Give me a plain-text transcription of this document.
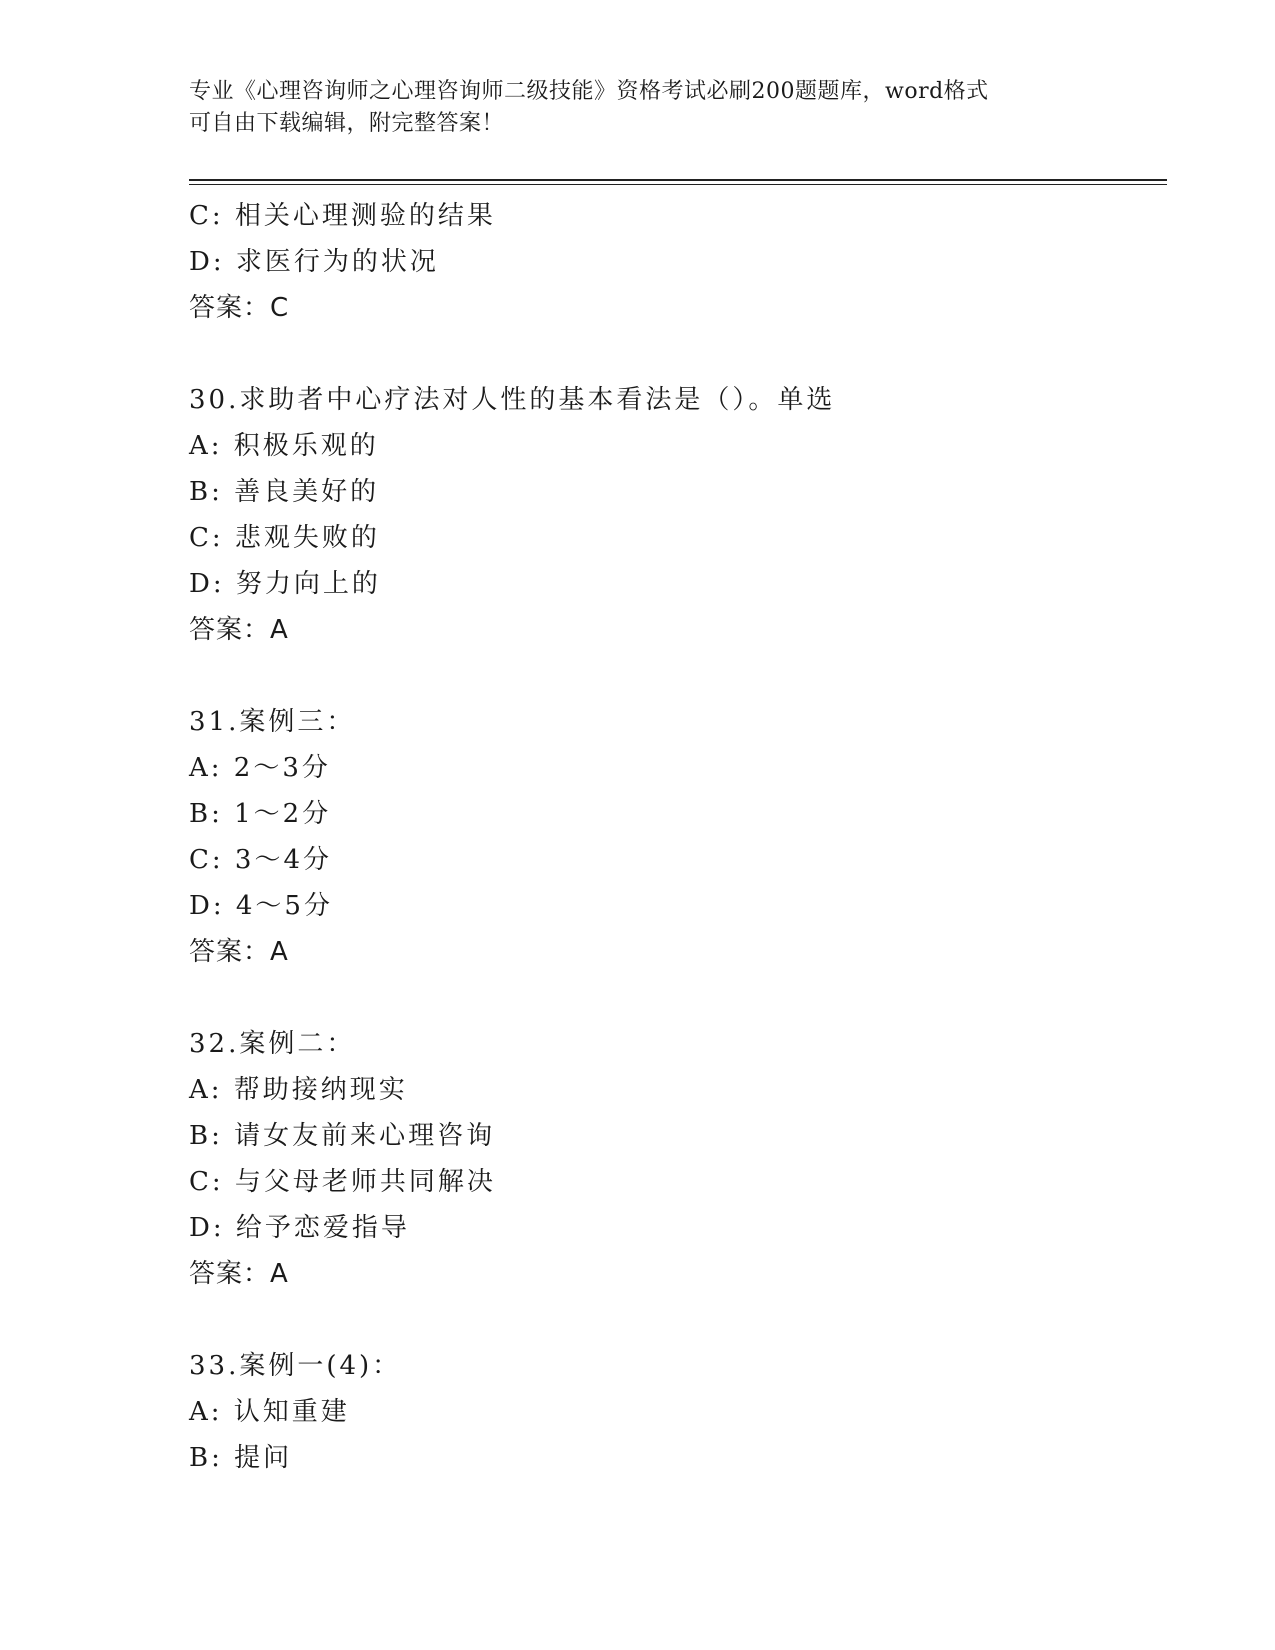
专业《心理咨询师之心理咨询师二级技能》资格考试必刷200题题库，word格式
可自由下载编辑，附完整答案！
C: 相关心理测验的结果
D: 求医行为的状况
答案：C
30.求助者中心疗法对人性的基本看法是（）。单选
A: 积极乐观的
B: 善良美好的
C: 悲观失败的
D: 努力向上的
答案：A
31.案例三：
A: 2～3分
B: 1～2分
C: 3～4分
D: 4～5分
答案：A
32.案例二：
A: 帮助接纳现实
B: 请女友前来心理咨询
C: 与父母老师共同解决
D: 给予恋爱指导
答案：A
33.案例一(4)：
A: 认知重建
B: 提问
